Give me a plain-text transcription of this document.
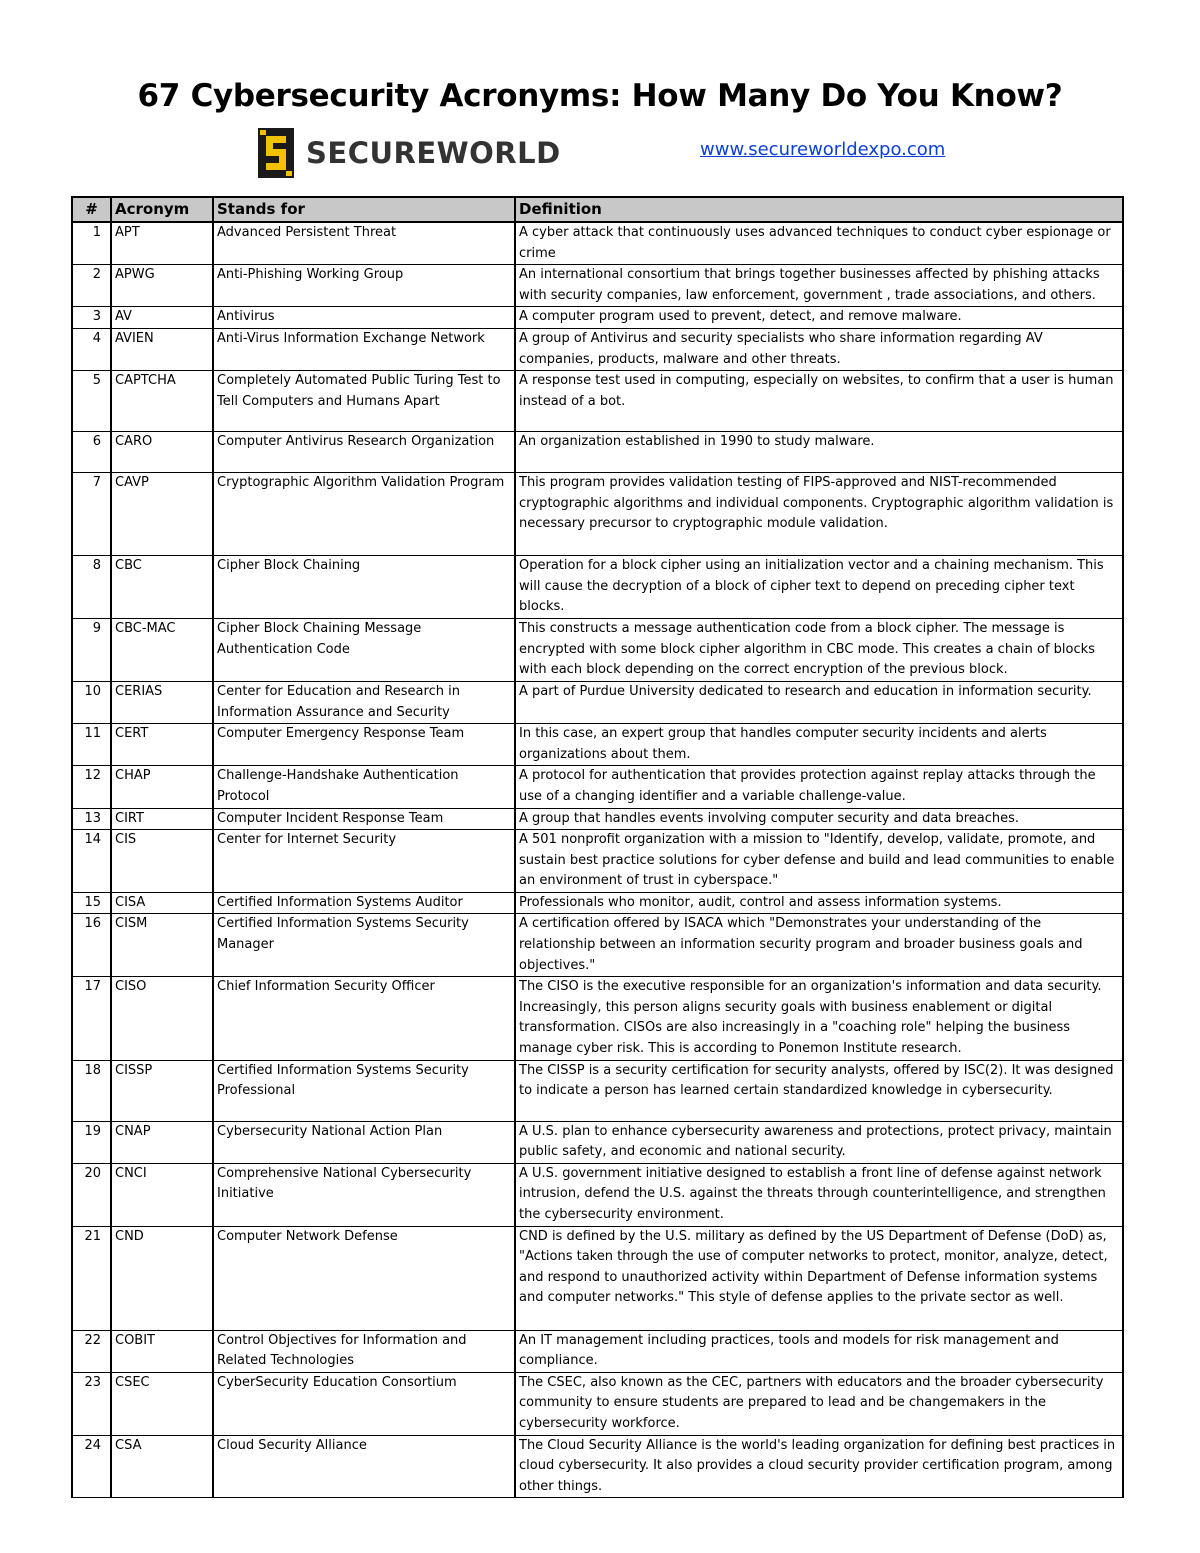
67 Cybersecurity Acronyms: How Many Do You Know?
SECUREWORLD	www.secureworldexpo.com
#	Acronym	Stands for	Definition
1	APT	Advanced Persistent Threat	A cyber attack that continuously uses advanced techniques to conduct cyber espionage or crime
2	APWG	Anti-Phishing Working Group	An international consortium that brings together businesses affected by phishing attacks with security companies, law enforcement, government , trade associations, and others.
3	AV	Antivirus	A computer program used to prevent, detect, and remove malware.
4	AVIEN	Anti-Virus Information Exchange Network	A group of Antivirus and security specialists who share information regarding AV companies, products, malware and other threats.
5	CAPTCHA	Completely Automated Public Turing Test to Tell Computers and Humans Apart	A response test used in computing, especially on websites, to confirm that a user is human instead of a bot.
6	CARO	Computer Antivirus Research Organization	An organization established in 1990 to study malware.
7	CAVP	Cryptographic Algorithm Validation Program	This program provides validation testing of FIPS-approved and NIST-recommended cryptographic algorithms and individual components. Cryptographic algorithm validation is necessary precursor to cryptographic module validation.
8	CBC	Cipher Block Chaining	Operation for a block cipher using an initialization vector and a chaining mechanism. This will cause the decryption of a block of cipher text to depend on preceding cipher text blocks.
9	CBC-MAC	Cipher Block Chaining Message Authentication Code	This constructs a message authentication code from a block cipher. The message is encrypted with some block cipher algorithm in CBC mode. This creates a chain of blocks with each block depending on the correct encryption of the previous block.
10	CERIAS	Center for Education and Research in Information Assurance and Security	A part of Purdue University dedicated to research and education in information security.
11	CERT	Computer Emergency Response Team	In this case, an expert group that handles computer security incidents and alerts organizations about them.
12	CHAP	Challenge-Handshake Authentication Protocol	A protocol for authentication that provides protection against replay attacks through the use of a changing identifier and a variable challenge-value.
13	CIRT	Computer Incident Response Team	A group that handles events involving computer security and data breaches.
14	CIS	Center for Internet Security	A 501 nonprofit organization with a mission to "Identify, develop, validate, promote, and sustain best practice solutions for cyber defense and build and lead communities to enable an environment of trust in cyberspace."
15	CISA	Certified Information Systems Auditor	Professionals who monitor, audit, control and assess information systems.
16	CISM	Certified Information Systems Security Manager	A certification offered by ISACA which "Demonstrates your understanding of the relationship between an information security program and broader business goals and objectives."
17	CISO	Chief Information Security Officer	The CISO is the executive responsible for an organization's information and data security. Increasingly, this person aligns security goals with business enablement or digital transformation. CISOs are also increasingly in a "coaching role" helping the business manage cyber risk. This is according to Ponemon Institute research.
18	CISSP	Certified Information Systems Security Professional	The CISSP is a security certification for security analysts, offered by ISC(2). It was designed to indicate a person has learned certain standardized knowledge in cybersecurity.
19	CNAP	Cybersecurity National Action Plan	A U.S. plan to enhance cybersecurity awareness and protections, protect privacy, maintain public safety, and economic and national security.
20	CNCI	Comprehensive National Cybersecurity Initiative	A U.S. government initiative designed to establish a front line of defense against network intrusion, defend the U.S. against the threats through counterintelligence, and strengthen the cybersecurity environment.
21	CND	Computer Network Defense	CND is defined by the U.S. military as defined by the US Department of Defense (DoD) as, "Actions taken through the use of computer networks to protect, monitor, analyze, detect, and respond to unauthorized activity within Department of Defense information systems and computer networks." This style of defense applies to the private sector as well.
22	COBIT	Control Objectives for Information and Related Technologies	An IT management including practices, tools and models for risk management and compliance.
23	CSEC	CyberSecurity Education Consortium	The CSEC, also known as the CEC, partners with educators and the broader cybersecurity community to ensure students are prepared to lead and be changemakers in the cybersecurity workforce.
24	CSA	Cloud Security Alliance	The Cloud Security Alliance is the world's leading organization for defining best practices in cloud cybersecurity. It also provides a cloud security provider certification program, among other things.
